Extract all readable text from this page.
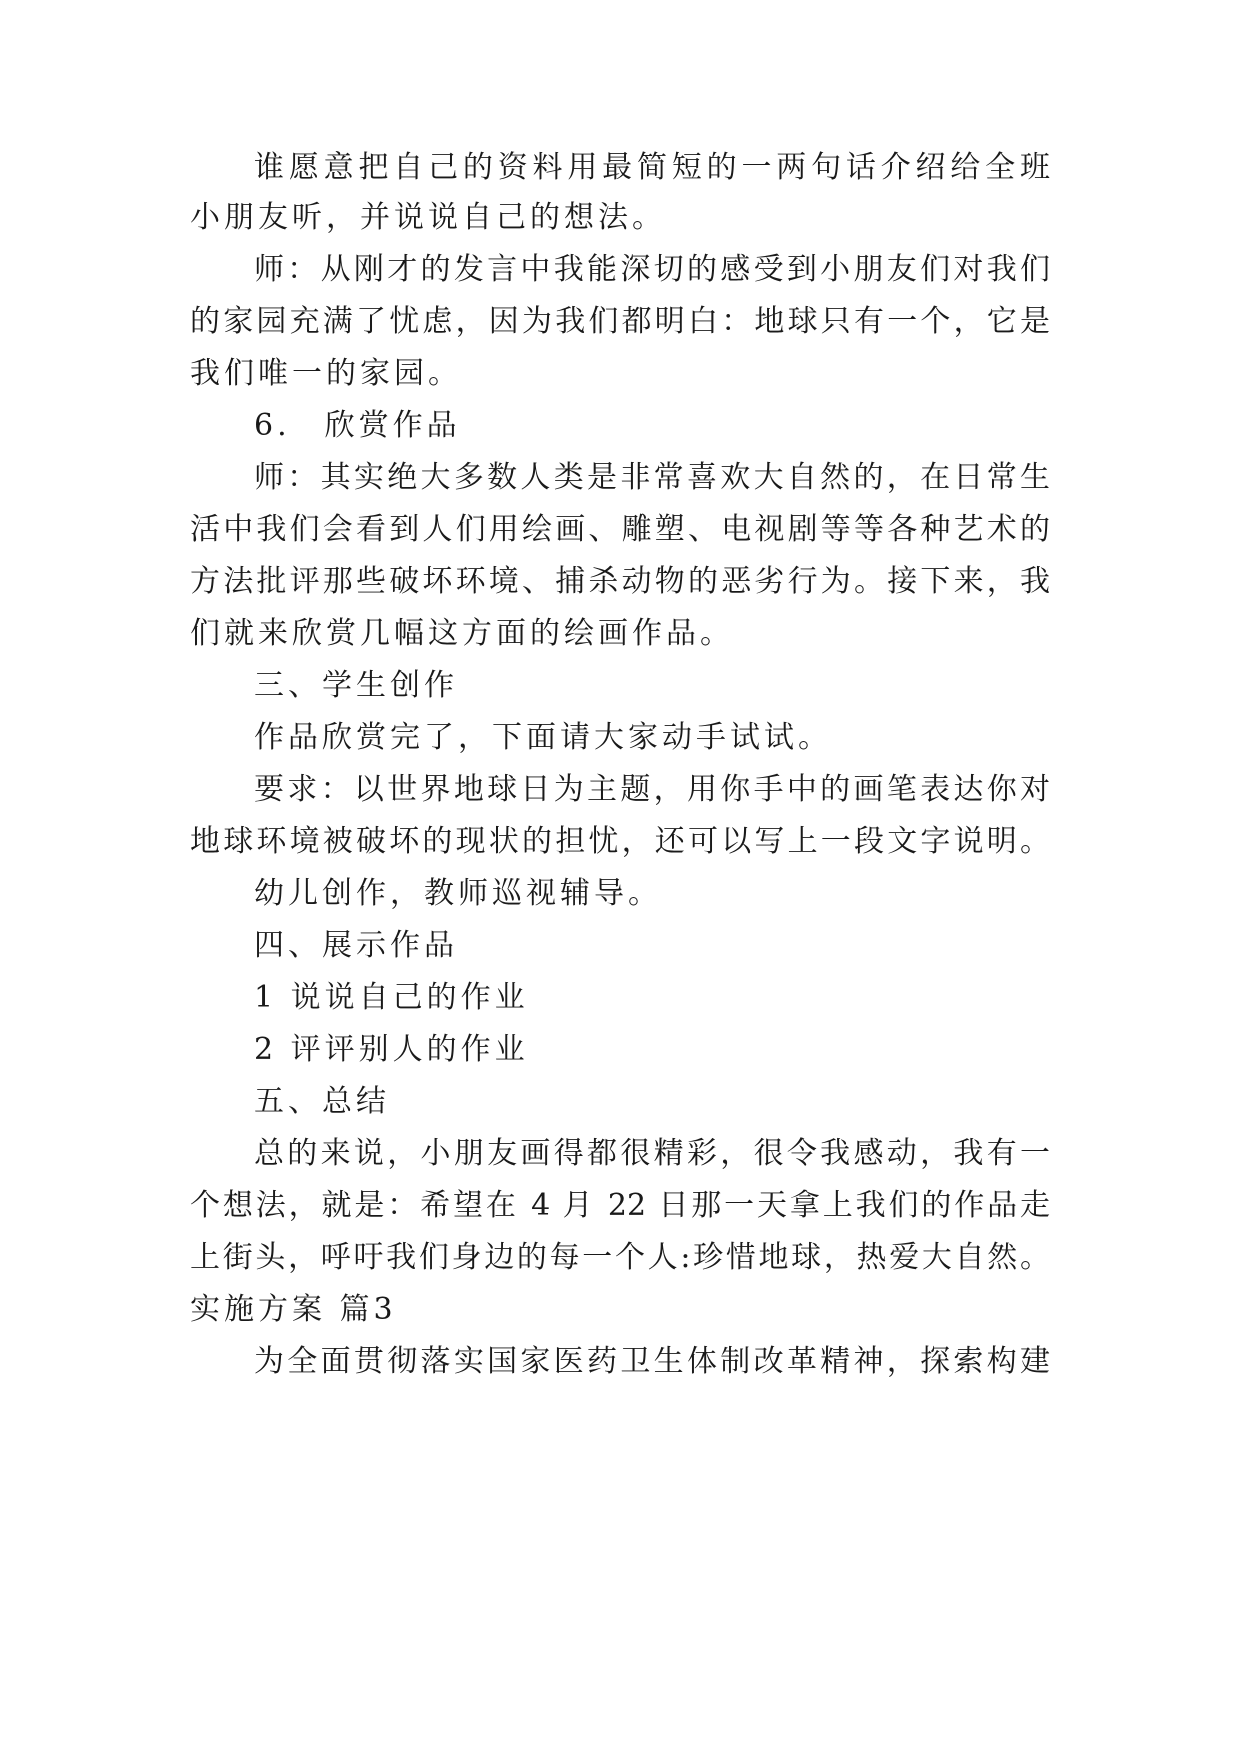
谁愿意把自己的资料用最简短的一两句话介绍给全班
小朋友听，并说说自己的想法。
师：从刚才的发言中我能深切的感受到小朋友们对我们
的家园充满了忧虑，因为我们都明白：地球只有一个，它是
我们唯一的家园。
6.　欣赏作品
师：其实绝大多数人类是非常喜欢大自然的，在日常生
活中我们会看到人们用绘画、雕塑、电视剧等等各种艺术的
方法批评那些破坏环境、捕杀动物的恶劣行为。接下来，我
们就来欣赏几幅这方面的绘画作品。
三、学生创作
作品欣赏完了，下面请大家动手试试。
要求：以世界地球日为主题，用你手中的画笔表达你对
地球环境被破坏的现状的担忧，还可以写上一段文字说明。
幼儿创作，教师巡视辅导。
四、展示作品
1 说说自己的作业
2 评评别人的作业
五、总结
总的来说，小朋友画得都很精彩，很令我感动，我有一
个想法，就是：希望在 4 月 22 日那一天拿上我们的作品走
上街头，呼吁我们身边的每一个人:珍惜地球，热爱大自然。
实施方案 篇3
为全面贯彻落实国家医药卫生体制改革精神，探索构建
